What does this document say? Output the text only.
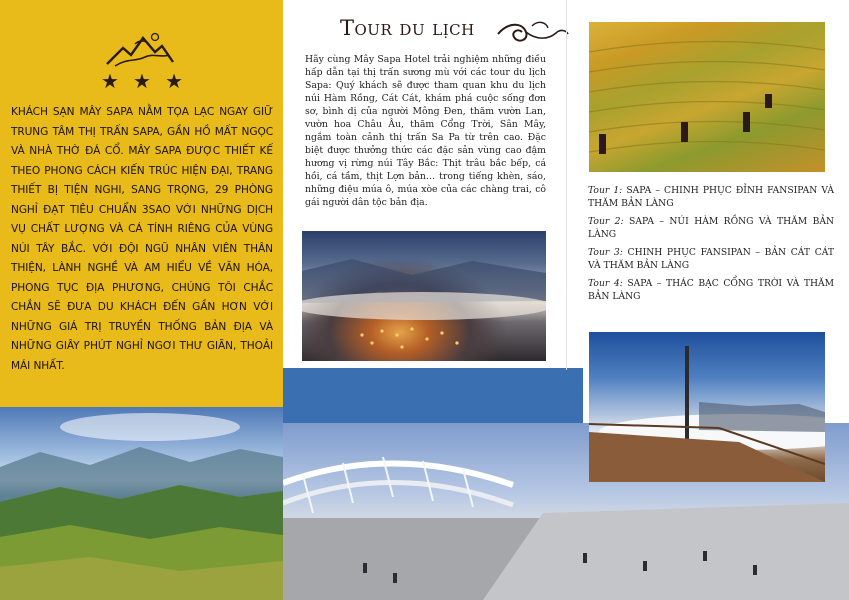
★ ★ ★
KHÁCH SẠN MÂY SAPA NẰM TỌA LẠC NGAY GIỮ TRUNG TÂM THỊ TRẤN SAPA, GẦN HỒ MẤT NGỌC VÀ NHÀ THỜ ĐÁ CỔ. MÂY SAPA ĐƯỢC THIẾT KẾ THEO PHONG CÁCH KIẾN TRÚC HIỆN ĐẠI, TRANG THIẾT BỊ TIỆN NGHI, SANG TRỌNG, 29 PHÒNG NGHỈ ĐẠT TIÊU CHUẨN 3SAO VỚI NHỮNG DỊCH VỤ CHẤT LƯỢNG VÀ CÁ TÍNH RIÊNG CỦA VÙNG NÚI TÂY BẮC. VỚI ĐỘI NGŨ NHÂN VIÊN THÂN THIỆN, LÀNH NGHỀ VÀ AM HIỂU VỀ VĂN HÓA, PHONG TỤC ĐỊA PHƯƠNG, CHÚNG TÔI CHẮC CHẮN SẼ ĐƯA DU KHÁCH ĐẾN GẦN HƠN VỚI NHỮNG GIÁ TRỊ TRUYỀN THỐNG BẢN ĐỊA VÀ NHỮNG GIÂY PHÚT NGHỈ NGƠI THƯ GIÃN, THOẢI MÁI NHẤT.
Tour du lịch
Hãy cùng Mây Sapa Hotel trải nghiệm những điều hấp dẫn tại thị trấn sương mù với các tour du lịch Sapa: Quý khách sẽ được tham quan khu du lịch núi Hàm Rồng, Cát Cát, khám phá cuộc sống đơn sơ, bình dị của người Mông Đen, thăm vườn Lan, vườn hoa Châu Âu, thăm Cổng Trời, Sân Mây, ngắm toàn cảnh thị trấn Sa Pa từ trên cao. Đặc biệt được thưởng thức các đặc sản vùng cao đậm hương vị rừng núi Tây Bắc: Thịt trâu bắc bếp, cá hồi, cá tầm, thịt Lợn bản… trong tiếng khèn, sáo, những điệu múa ô, múa xòe của các chàng trai, cô gái người dân tộc bản địa.
Tour 1: SAPA – CHINH PHỤC ĐỈNH FANSIPAN VÀ THĂM BẢN LÀNG
Tour 2: SAPA – NÚI HÀM RỒNG VÀ THĂM BẢN LÀNG
Tour 3: CHINH PHỤC FANSIPAN – BẢN CÁT CÁT VÀ THĂM BẢN LÀNG
Tour 4: SAPA – THÁC BẠC CỔNG TRỜI VÀ THĂM BẢN LÀNG
